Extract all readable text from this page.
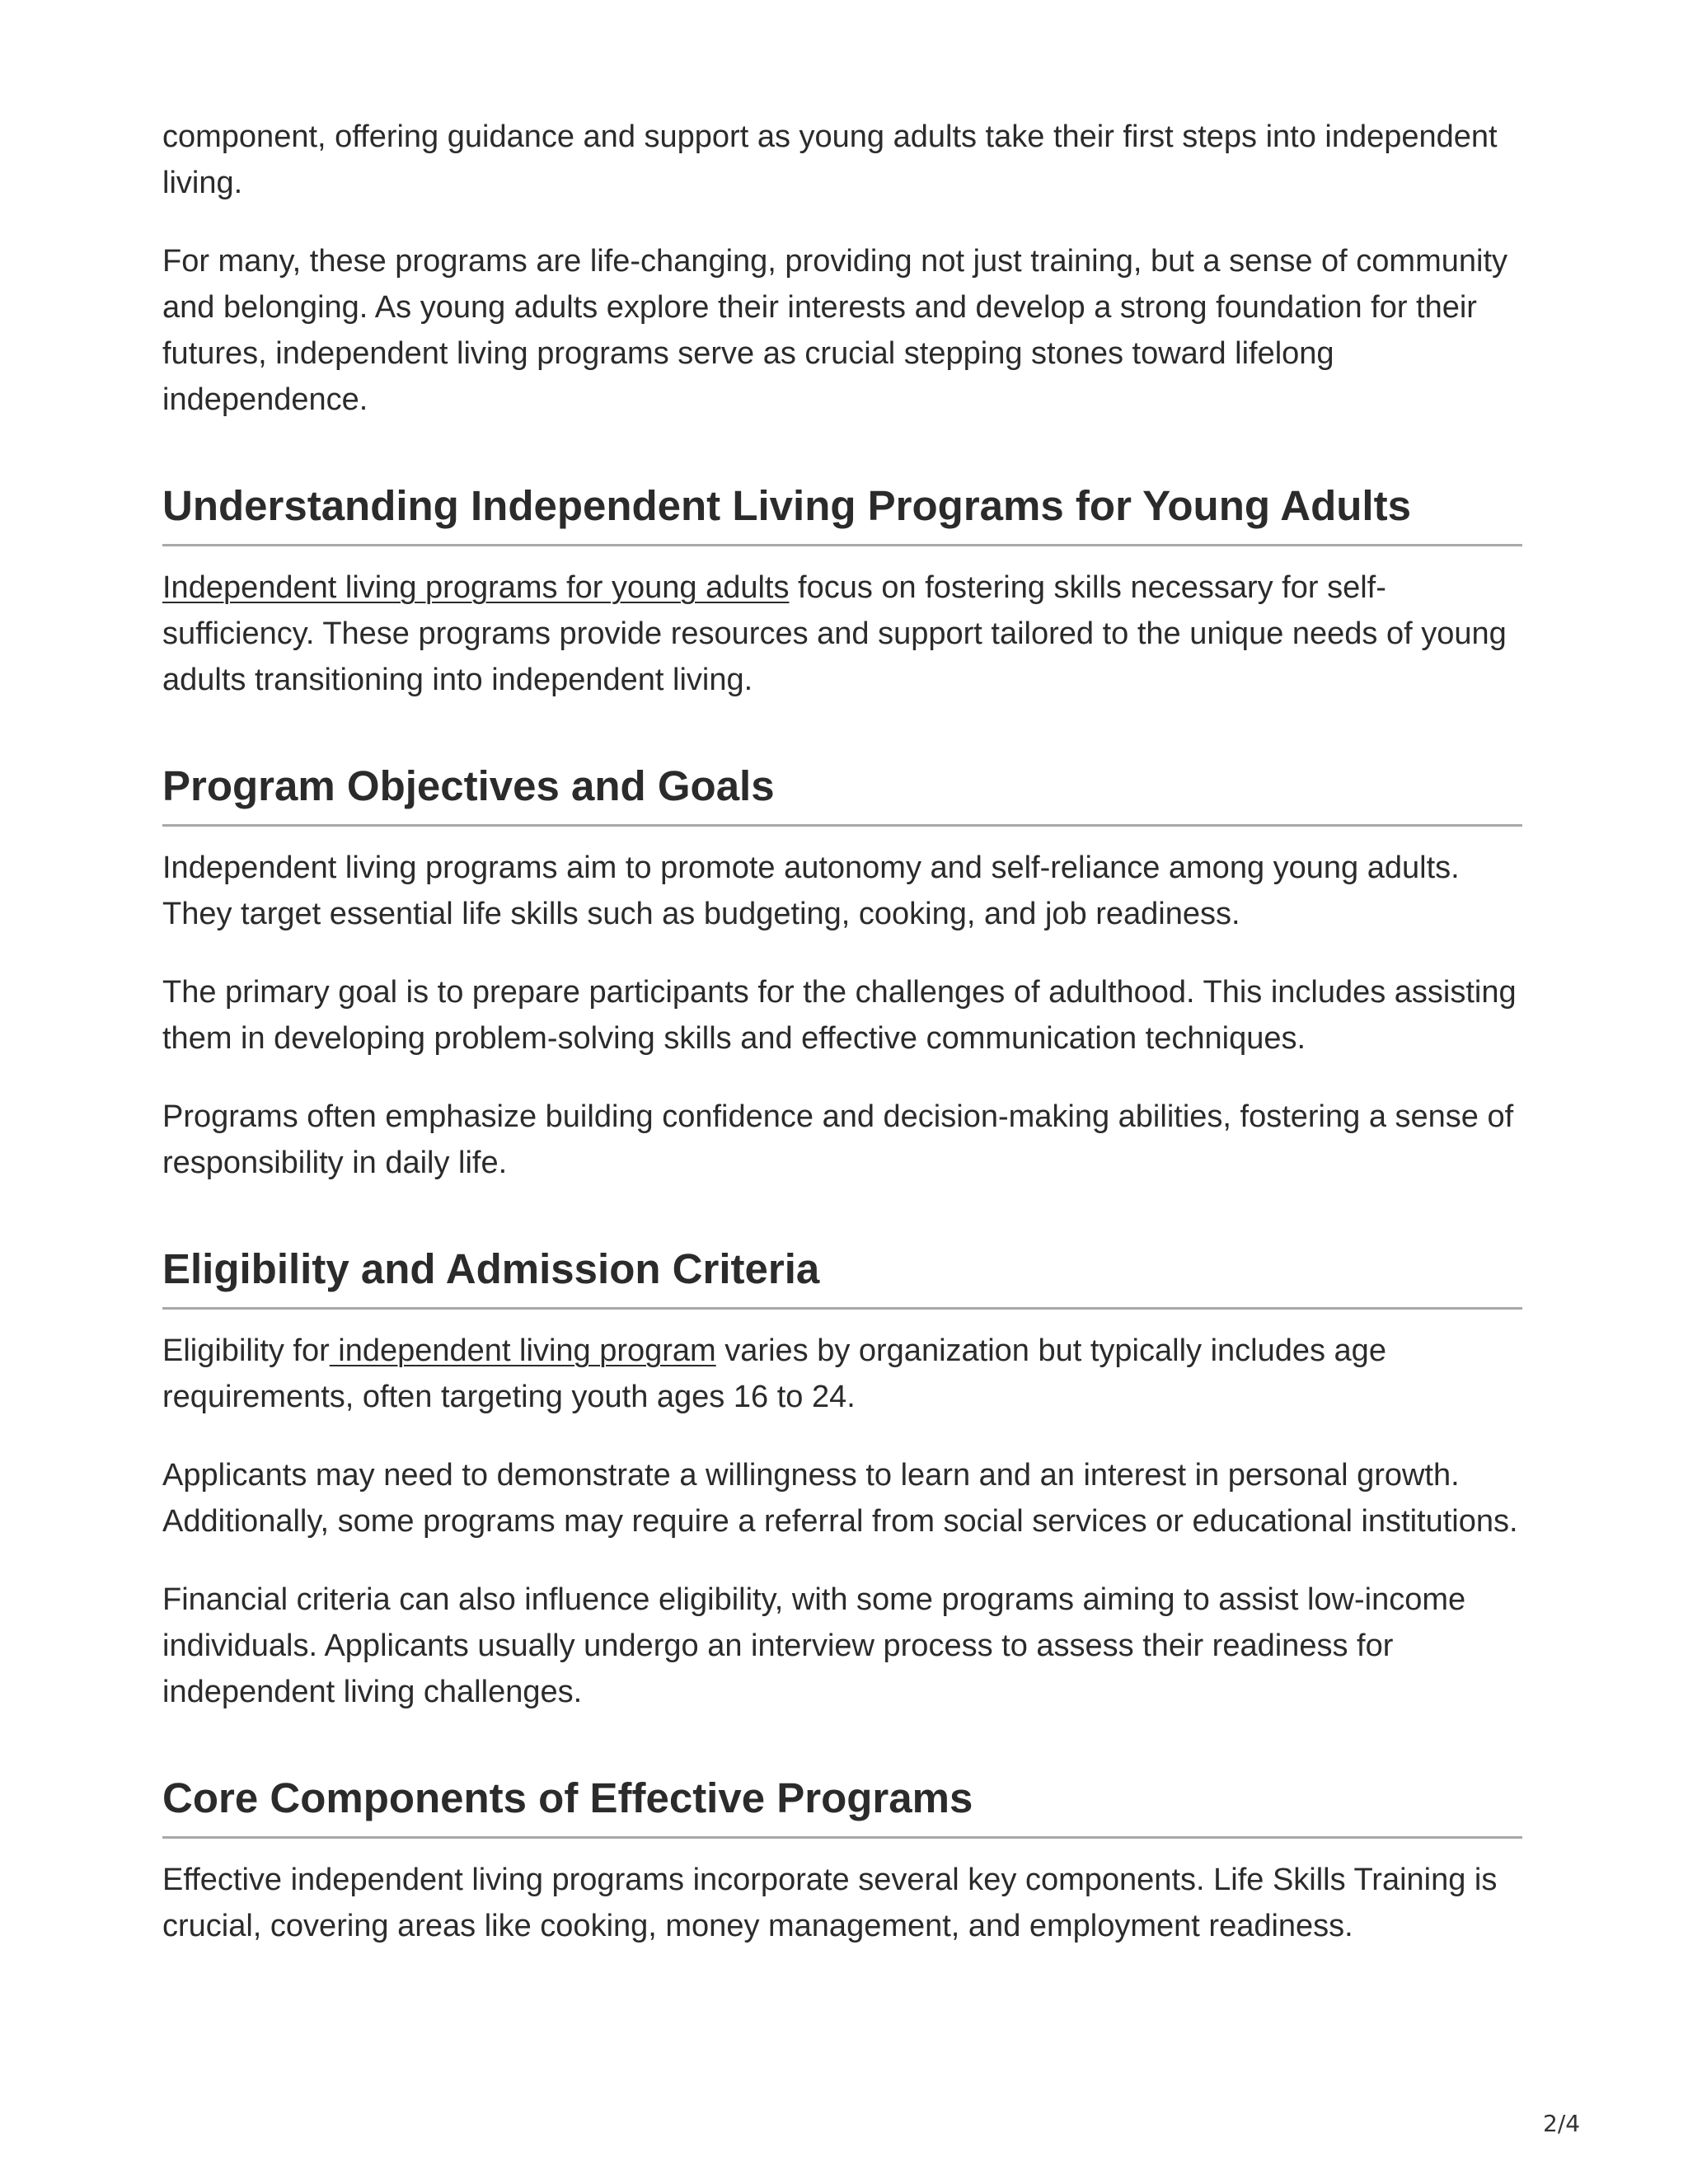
component, offering guidance and support as young adults take their first steps into independent living.

For many, these programs are life-changing, providing not just training, but a sense of community and belonging. As young adults explore their interests and develop a strong foundation for their futures, independent living programs serve as crucial stepping stones toward lifelong independence.

Understanding Independent Living Programs for Young Adults

Independent living programs for young adults focus on fostering skills necessary for self-sufficiency. These programs provide resources and support tailored to the unique needs of young adults transitioning into independent living.

Program Objectives and Goals

Independent living programs aim to promote autonomy and self-reliance among young adults. They target essential life skills such as budgeting, cooking, and job readiness.

The primary goal is to prepare participants for the challenges of adulthood. This includes assisting them in developing problem-solving skills and effective communication techniques.

Programs often emphasize building confidence and decision-making abilities, fostering a sense of responsibility in daily life.

Eligibility and Admission Criteria

Eligibility for independent living program varies by organization but typically includes age requirements, often targeting youth ages 16 to 24.

Applicants may need to demonstrate a willingness to learn and an interest in personal growth. Additionally, some programs may require a referral from social services or educational institutions.

Financial criteria can also influence eligibility, with some programs aiming to assist low-income individuals. Applicants usually undergo an interview process to assess their readiness for independent living challenges.

Core Components of Effective Programs

Effective independent living programs incorporate several key components. Life Skills Training is crucial, covering areas like cooking, money management, and employment readiness.

2/4
